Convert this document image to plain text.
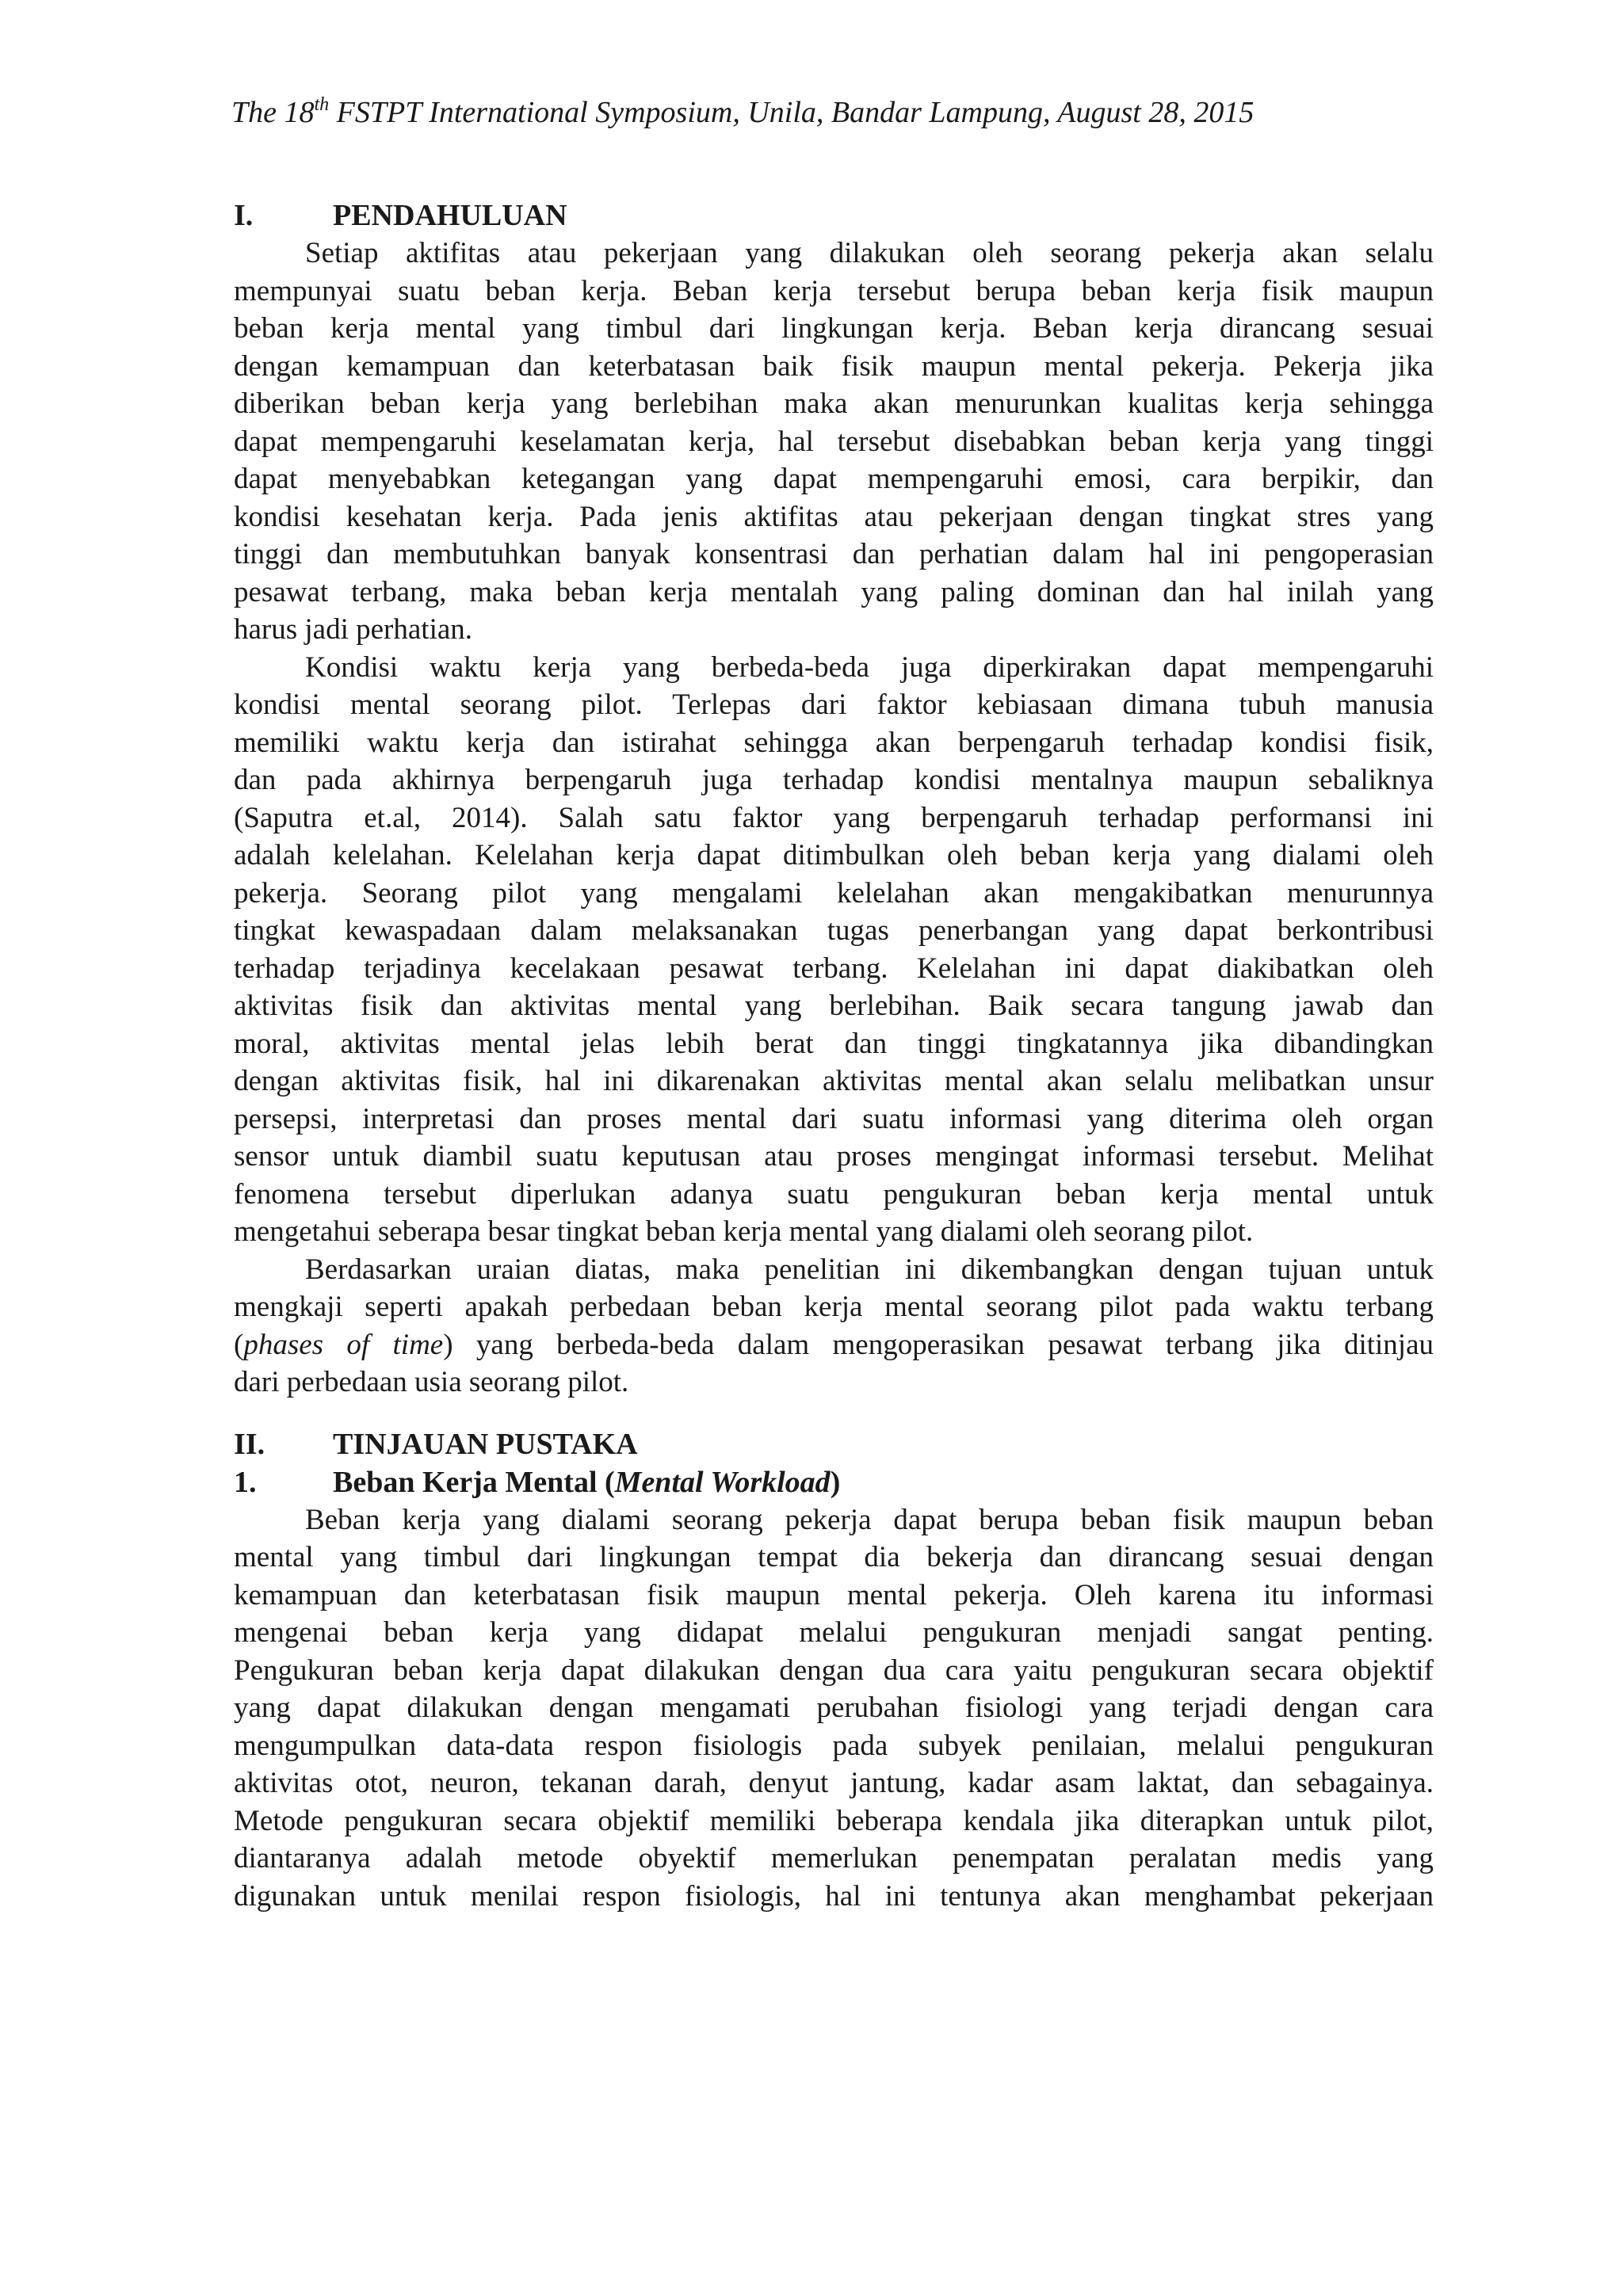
The 18th FSTPT International Symposium, Unila, Bandar Lampung, August 28, 2015
I.	PENDAHULUAN
Setiap aktifitas atau pekerjaan yang dilakukan oleh seorang pekerja akan selalu
mempunyai suatu beban kerja. Beban kerja tersebut berupa beban kerja fisik maupun
beban kerja mental yang timbul dari lingkungan kerja. Beban kerja dirancang sesuai
dengan kemampuan dan keterbatasan baik fisik maupun mental pekerja. Pekerja jika
diberikan beban kerja yang berlebihan maka akan menurunkan kualitas kerja sehingga
dapat mempengaruhi keselamatan kerja, hal tersebut disebabkan beban kerja yang tinggi
dapat menyebabkan ketegangan yang dapat mempengaruhi emosi, cara berpikir, dan
kondisi kesehatan kerja. Pada jenis aktifitas atau pekerjaan dengan tingkat stres yang
tinggi dan membutuhkan banyak konsentrasi dan perhatian dalam hal ini pengoperasian
pesawat terbang, maka beban kerja mentalah yang paling dominan dan hal inilah yang
harus jadi perhatian.
Kondisi waktu kerja yang berbeda-beda juga diperkirakan dapat mempengaruhi
kondisi mental seorang pilot. Terlepas dari faktor kebiasaan dimana tubuh manusia
memiliki waktu kerja dan istirahat sehingga akan berpengaruh terhadap kondisi fisik,
dan pada akhirnya berpengaruh juga terhadap kondisi mentalnya maupun sebaliknya
(Saputra et.al, 2014). Salah satu faktor yang berpengaruh terhadap performansi ini
adalah kelelahan. Kelelahan kerja dapat ditimbulkan oleh beban kerja yang dialami oleh
pekerja. Seorang pilot yang mengalami kelelahan akan mengakibatkan menurunnya
tingkat kewaspadaan dalam melaksanakan tugas penerbangan yang dapat berkontribusi
terhadap terjadinya kecelakaan pesawat terbang. Kelelahan ini dapat diakibatkan oleh
aktivitas fisik dan aktivitas mental yang berlebihan. Baik secara tangung jawab dan
moral, aktivitas mental jelas lebih berat dan tinggi tingkatannya jika dibandingkan
dengan aktivitas fisik, hal ini dikarenakan aktivitas mental akan selalu melibatkan unsur
persepsi, interpretasi dan proses mental dari suatu informasi yang diterima oleh organ
sensor untuk diambil suatu keputusan atau proses mengingat informasi tersebut. Melihat
fenomena tersebut diperlukan adanya suatu pengukuran beban kerja mental untuk
mengetahui seberapa besar tingkat beban kerja mental yang dialami oleh seorang pilot.
Berdasarkan uraian diatas, maka penelitian ini dikembangkan dengan tujuan untuk
mengkaji seperti apakah perbedaan beban kerja mental seorang pilot pada waktu terbang
(phases of time) yang berbeda-beda dalam mengoperasikan pesawat terbang jika ditinjau
dari perbedaan usia seorang pilot.
II.	TINJAUAN PUSTAKA
1.	Beban Kerja Mental (Mental Workload)
Beban kerja yang dialami seorang pekerja dapat berupa beban fisik maupun beban
mental yang timbul dari lingkungan tempat dia bekerja dan dirancang sesuai dengan
kemampuan dan keterbatasan fisik maupun mental pekerja. Oleh karena itu informasi
mengenai beban kerja yang didapat melalui pengukuran menjadi sangat penting.
Pengukuran beban kerja dapat dilakukan dengan dua cara yaitu pengukuran secara objektif
yang dapat dilakukan dengan mengamati perubahan fisiologi yang terjadi dengan cara
mengumpulkan data-data respon fisiologis pada subyek penilaian, melalui pengukuran
aktivitas otot, neuron, tekanan darah, denyut jantung, kadar asam laktat, dan sebagainya.
Metode pengukuran secara objektif memiliki beberapa kendala jika diterapkan untuk pilot,
diantaranya adalah metode obyektif memerlukan penempatan peralatan medis yang
digunakan untuk menilai respon fisiologis, hal ini tentunya akan menghambat pekerjaan
